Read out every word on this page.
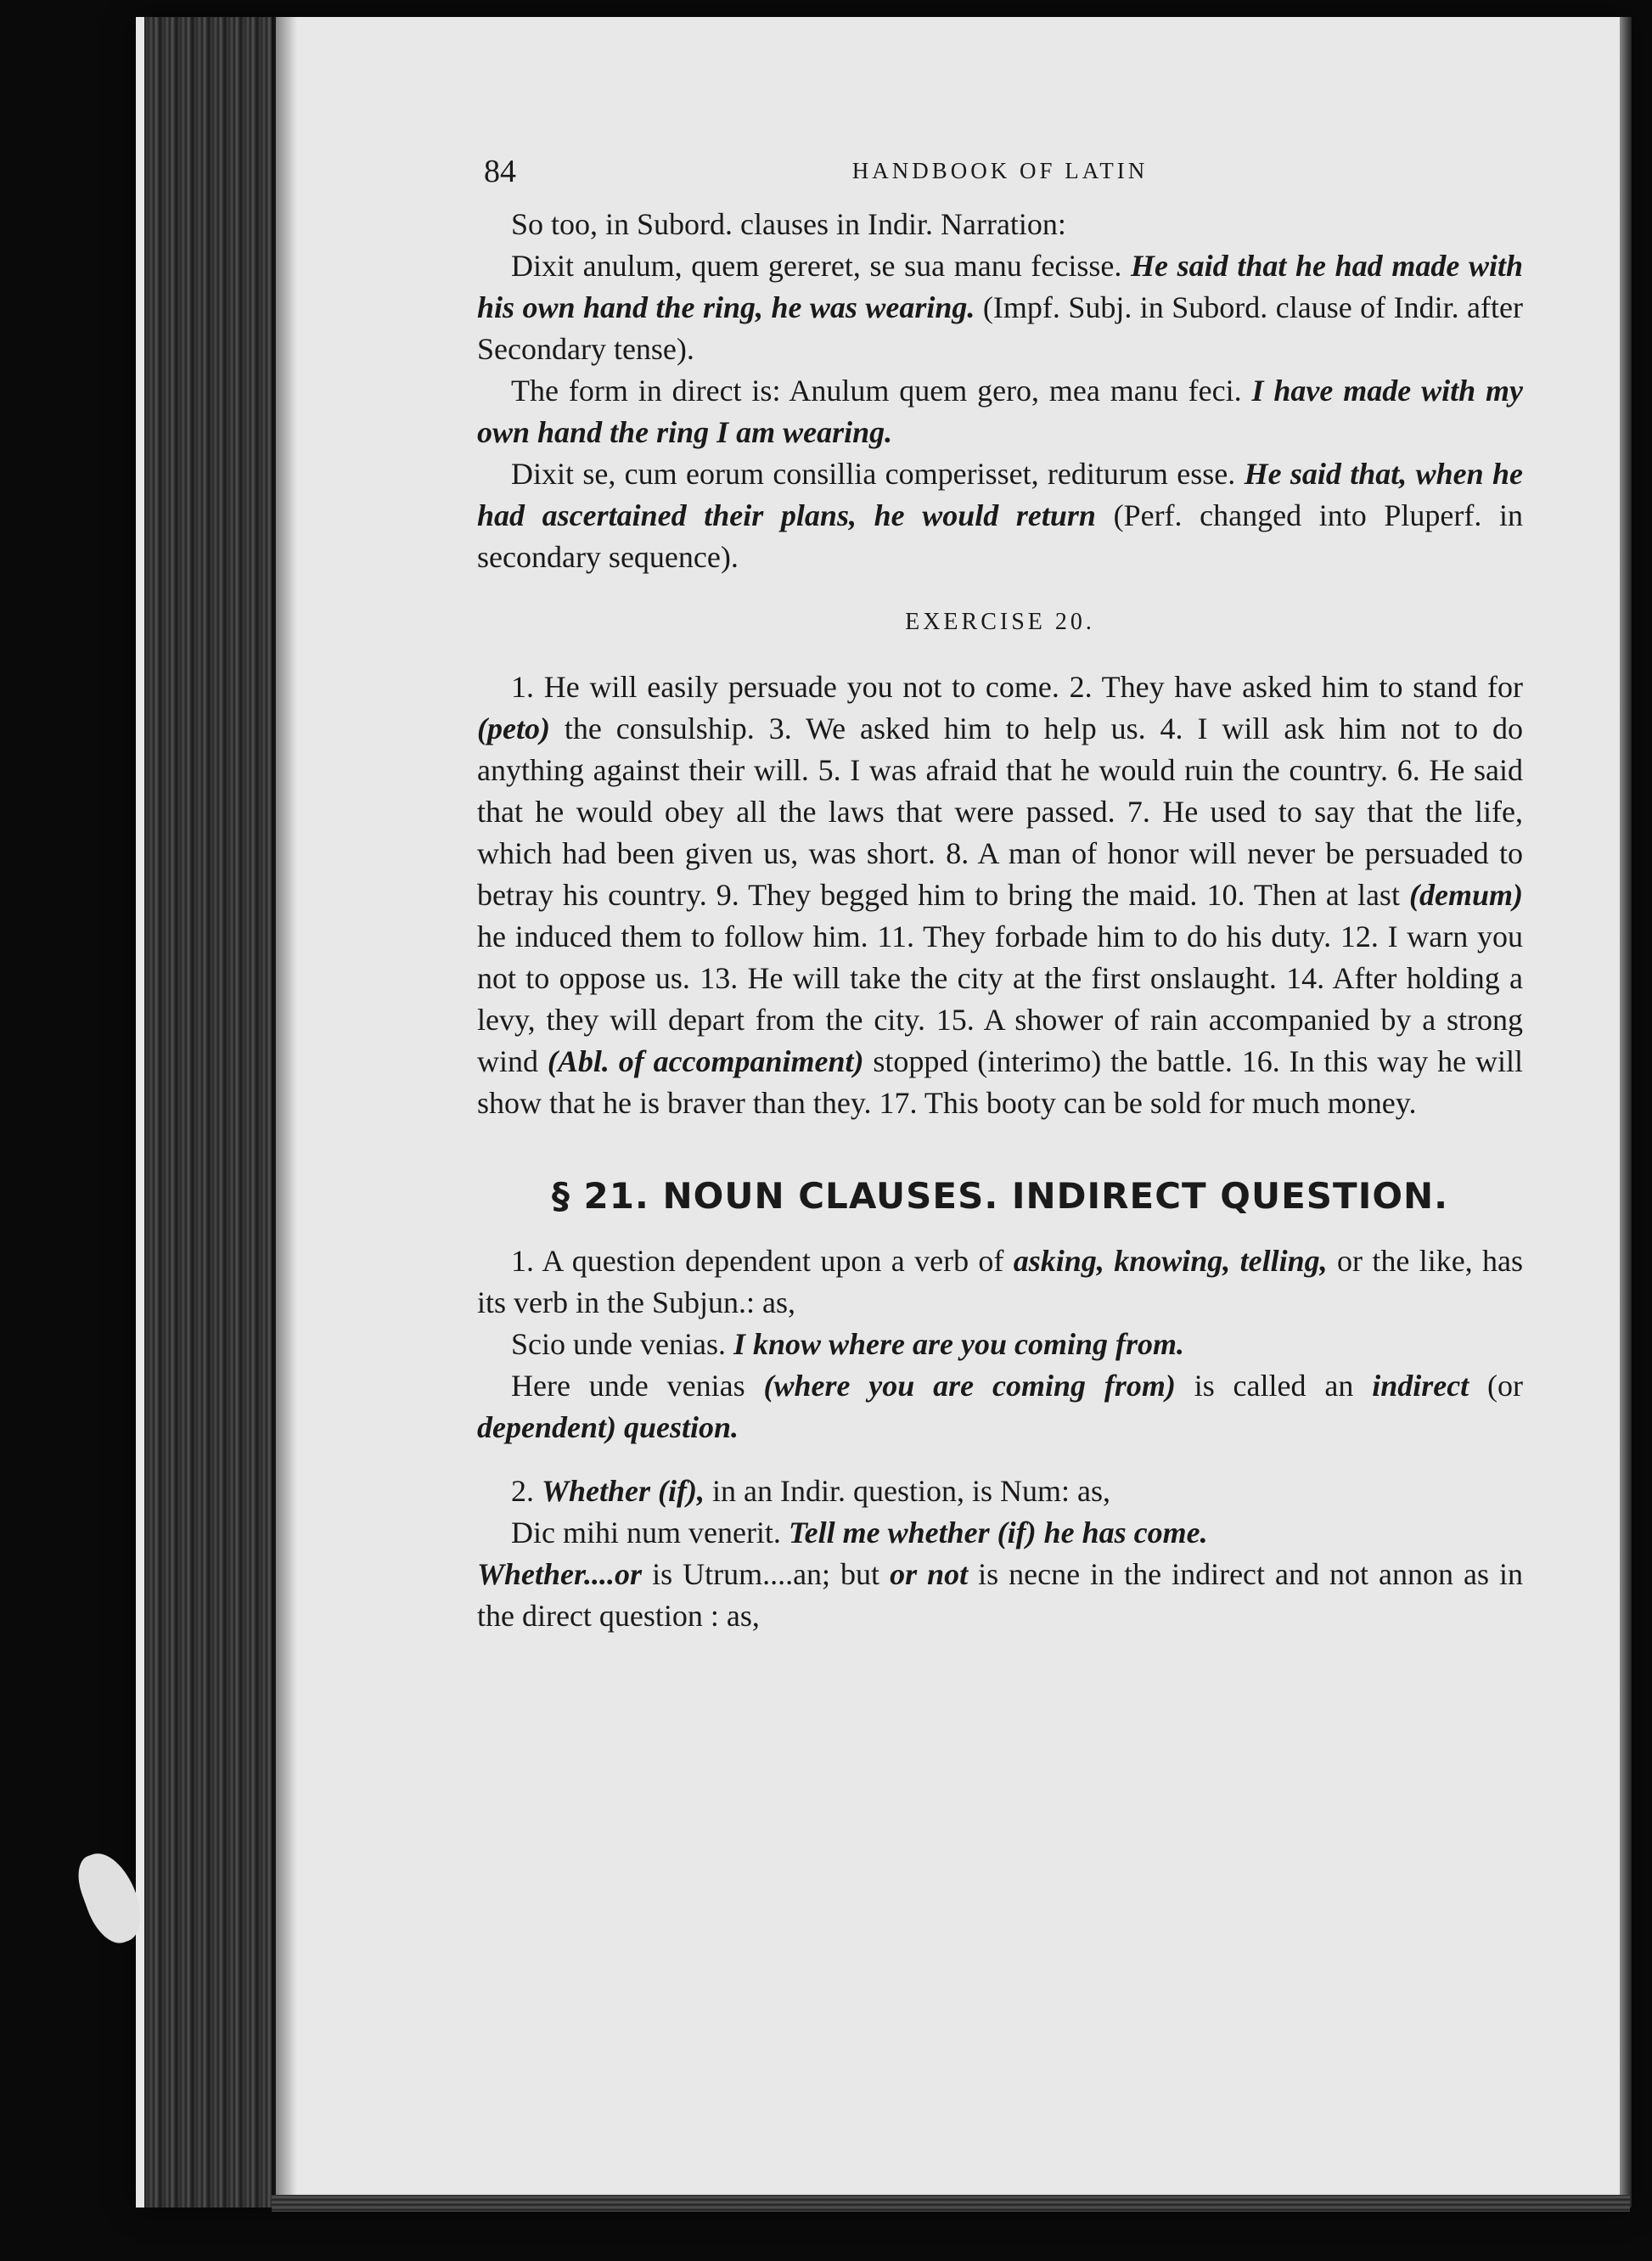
84	HANDBOOK OF LATIN

So too, in Subord. clauses in Indir. Narration:

Dixit anulum, quem gereret, se sua manu fecisse. He said that he had made with his own hand the ring, he was wearing. (Impf. Subj. in Subord. clause of Indir. after Secondary tense).

The form in direct is: Anulum quem gero, mea manu feci. I have made with my own hand the ring I am wearing.

Dixit se, cum eorum consillia comperisset, rediturum esse. He said that, when he had ascertained their plans, he would return (Perf. changed into Pluperf. in secondary sequence).

EXERCISE 20.

1. He will easily persuade you not to come. 2. They have asked him to stand for (peto) the consulship. 3. We asked him to help us. 4. I will ask him not to do anything against their will. 5. I was afraid that he would ruin the country. 6. He said that he would obey all the laws that were passed. 7. He used to say that the life, which had been given us, was short. 8. A man of honor will never be persuaded to betray his country. 9. They begged him to bring the maid. 10. Then at last (demum) he induced them to follow him. 11. They forbade him to do his duty. 12. I warn you not to oppose us. 13. He will take the city at the first onslaught. 14. After holding a levy, they will depart from the city. 15. A shower of rain accompanied by a strong wind (Abl. of accompaniment) stopped (interimo) the battle. 16. In this way he will show that he is braver than they. 17. This booty can be sold for much money.

§ 21. NOUN CLAUSES. INDIRECT QUESTION.

1. A question dependent upon a verb of asking, knowing, telling, or the like, has its verb in the Subjun.: as,

Scio unde venias. I know where are you coming from.

Here unde venias (where you are coming from) is called an indirect (or dependent) question.

2. Whether (if), in an Indir. question, is Num: as,

Dic mihi num venerit. Tell me whether (if) he has come.

Whether....or is Utrum....an; but or not is necne in the indirect and not annon as in the direct question : as,
